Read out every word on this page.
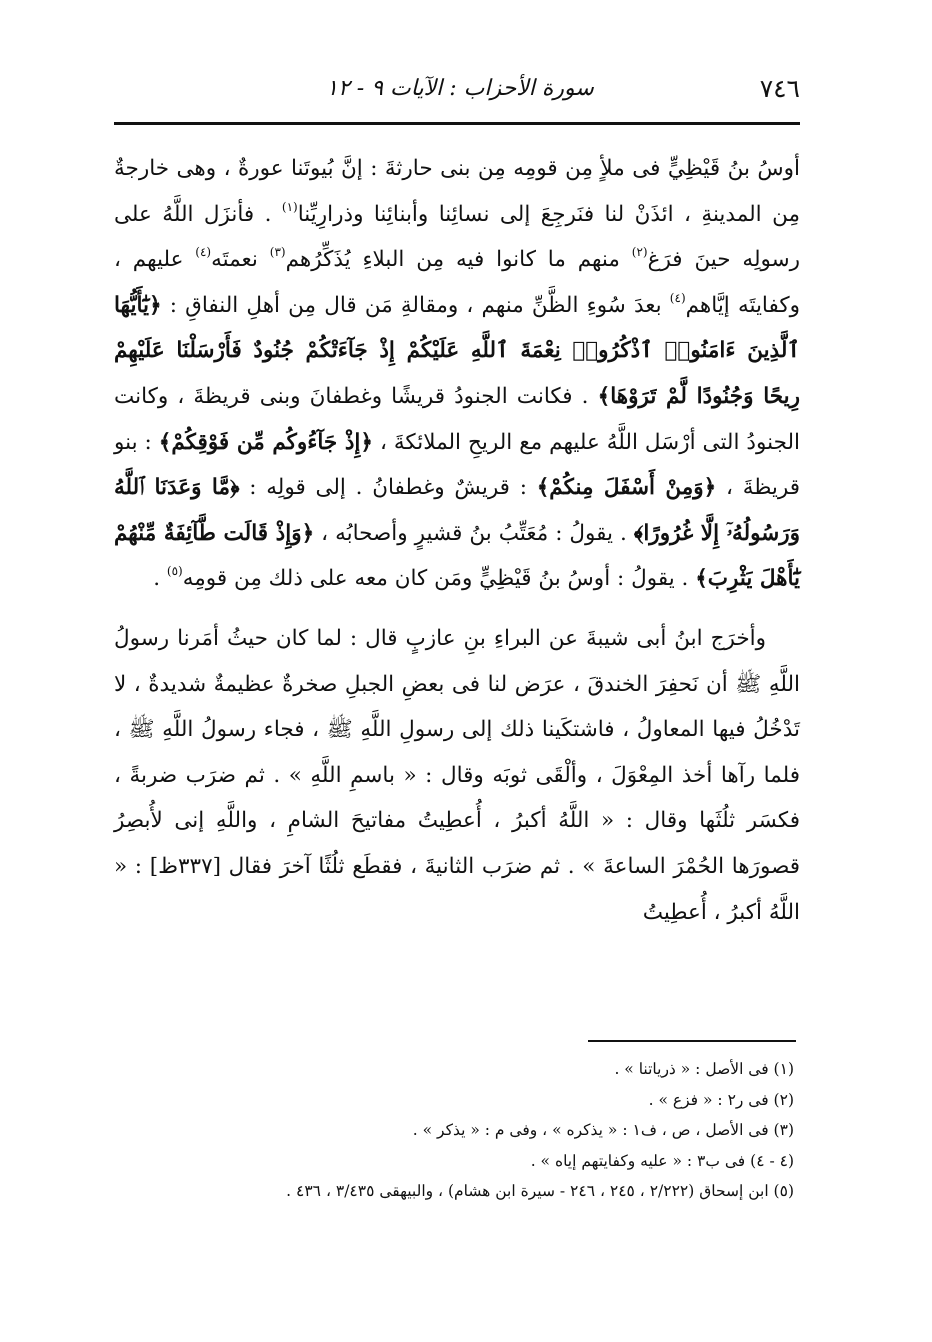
٧٤٦
سورة الأحزاب : الآيات ٩ - ١٢

أوسُ بنُ قَيْظِيٍّ فى ملأٍ مِن قومِه مِن بنى حارثةَ : إنَّ بُيوتَنا عورةٌ ، وهى خارجةٌ مِن المدينةِ ، ائذَنْ لنا فنَرجِعَ إلى نسائِنا وأبنائِنا وذرارِيِّنا$^{(١)}$ . فأنزَل اللَّهُ على رسولِه حينَ فرَغ$^{(٢)}$ منهم ما كانوا فيه مِن البلاءِ يُذَكِّرُهم$^{(٣)}$ نعمتَه$^{(٤)}$ عليهم ، وكفايتَه إيَّاهم$^{(٤)}$ بعدَ سُوءِ الظَّنِّ منهم ، ومقالةِ مَن قال مِن أهلِ النفاقِ : ﴿يَٰٓأَيُّهَا ٱلَّذِينَ ءَامَنُوا۟ ٱذْكُرُوا۟ نِعْمَةَ ٱللَّهِ عَلَيْكُمْ إِذْ جَآءَتْكُمْ جُنُودٌ فَأَرْسَلْنَا عَلَيْهِمْ رِيحًا وَجُنُودًا لَّمْ تَرَوْهَا﴾ . فكانت الجنودُ قريشًا وغطفانَ وبنى قريظةَ ، وكانت الجنودُ التى أرْسَل اللَّهُ عليهم مع الريحِ الملائكةَ ، ﴿إِذْ جَآءُوكُم مِّن فَوْقِكُمْ﴾ : بنو قريظةَ ، ﴿وَمِنْ أَسْفَلَ مِنكُمْ﴾ : قريشٌ وغطفانُ . إلى قولِه : ﴿مَّا وَعَدَنَا ٱللَّهُ وَرَسُولُهُۥٓ إِلَّا غُرُورًا﴾ . يقولُ : مُعَتِّبُ بنُ قشيرٍ وأصحابُه ، ﴿وَإِذْ قَالَت طَّآئِفَةٌ مِّنْهُمْ يَٰٓأَهْلَ يَثْرِبَ﴾ . يقولُ : أوسُ بنُ قَيْظِيٍّ ومَن كان معه على ذلك مِن قومِه$^{(٥)}$ .

وأخرَج ابنُ أبى شيبةَ عن البراءِ بنِ عازبٍ قال : لما كان حيثُ أمَرنا رسولُ اللَّهِ ﷺ أن نَحفِرَ الخندقَ ، عرَض لنا فى بعضِ الجبلِ صخرةٌ عظيمةٌ شديدةٌ ، لا تَدْخُلُ فيها المعاولُ ، فاشتكَينا ذلك إلى رسولِ اللَّهِ ﷺ ، فجاء رسولُ اللَّهِ ﷺ ، فلما رآها أخذ المِعْوَلَ ، وألْقَى ثوبَه وقال : « باسمِ اللَّهِ » . ثم ضرَب ضربةً ، فكسَر ثلُثَها وقال : « اللَّهُ أكبرُ ، أُعطِيتُ مفاتيحَ الشامِ ، واللَّهِ إنى لأُبصِرُ قصورَها الحُمْرَ الساعةَ » . ثم ضرَب الثانيةَ ، فقطَع ثلُثًا آخرَ فقال [٣٣٧ظ] : « اللَّهُ أكبرُ ، أُعطِيتُ

(١) فى الأصل : « ذرياتنا » .
(٢) فى ر٢ : « فزع » .
(٣) فى الأصل ، ص ، ف١ : « يذكره » ، وفى م : « يذكر » .
(٤ - ٤) فى ب٣ : « عليه وكفايتهم إياه » .
(٥) ابن إسحاق (٢/٢٢٢ ، ٢٤٥ ، ٢٤٦ - سيرة ابن هشام) ، والبيهقى ٣/٤٣٥ ، ٤٣٦ .
